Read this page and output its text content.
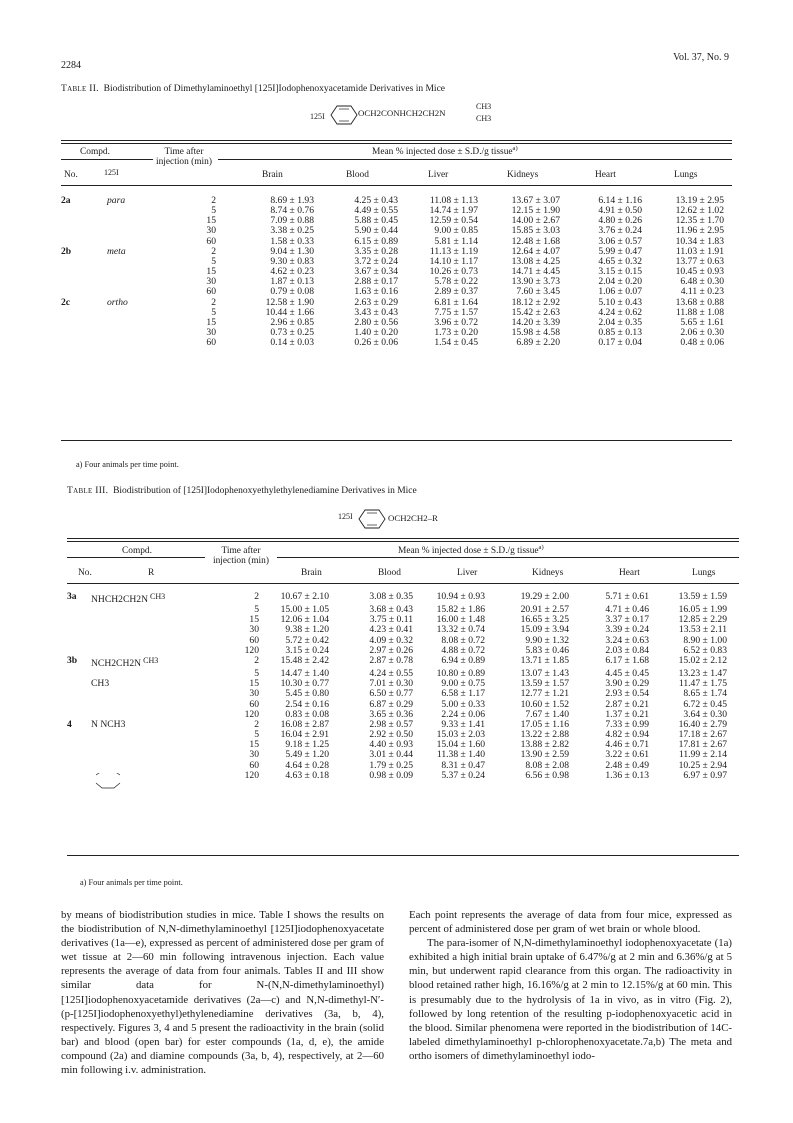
2284
Vol. 37, No. 9
Table II. Biodistribution of Dimethylaminoethyl [125I]Iodophenoxyacetamide Derivatives in Mice
125I	OCH2CONHCH2CH2N
CH3
CH3
Compd.
No.	125I
Time after injection (min)
Mean % injected dose ± S.D./g tissue$^{a)}$
Brain	Blood	Liver	Kidneys	Heart	Lungs
2a	para	2	8.69 ± 1.93	4.25 ± 0.43	11.08 ± 1.13	13.67 ± 3.07	6.14 ± 1.16	13.19 ± 2.95
		5	8.74 ± 0.76	4.49 ± 0.55	14.74 ± 1.97	12.15 ± 1.90	4.91 ± 0.50	12.62 ± 1.02
		15	7.09 ± 0.88	5.88 ± 0.45	12.59 ± 0.54	14.00 ± 2.67	4.80 ± 0.26	12.35 ± 1.70
		30	3.38 ± 0.25	5.90 ± 0.44	9.00 ± 0.85	15.85 ± 3.03	3.76 ± 0.24	11.96 ± 2.95
		60	1.58 ± 0.33	6.15 ± 0.89	5.81 ± 1.14	12.48 ± 1.68	3.06 ± 0.57	10.34 ± 1.83
2b	meta	2	9.04 ± 1.30	3.35 ± 0.28	11.13 ± 1.19	12.64 ± 4.07	5.99 ± 0.47	11.03 ± 1.91
		5	9.30 ± 0.83	3.72 ± 0.24	14.10 ± 1.17	13.08 ± 4.25	4.65 ± 0.32	13.77 ± 0.63
		15	4.62 ± 0.23	3.67 ± 0.34	10.26 ± 0.73	14.71 ± 4.45	3.15 ± 0.15	10.45 ± 0.93
		30	1.87 ± 0.13	2.88 ± 0.17	5.78 ± 0.22	13.90 ± 3.73	2.04 ± 0.20	6.48 ± 0.30
		60	0.79 ± 0.08	1.63 ± 0.16	2.89 ± 0.37	7.60 ± 3.45	1.06 ± 0.07	4.11 ± 0.23
2c	ortho	2	12.58 ± 1.90	2.63 ± 0.29	6.81 ± 1.64	18.12 ± 2.92	5.10 ± 0.43	13.68 ± 0.88
		5	10.44 ± 1.66	3.43 ± 0.43	7.75 ± 1.57	15.42 ± 2.63	4.24 ± 0.62	11.88 ± 1.08
		15	2.96 ± 0.85	2.80 ± 0.56	3.96 ± 0.72	14.20 ± 3.39	2.04 ± 0.35	5.65 ± 1.61
		30	0.73 ± 0.25	1.40 ± 0.20	1.73 ± 0.20	15.98 ± 4.58	0.85 ± 0.13	2.06 ± 0.30
		60	0.14 ± 0.03	0.26 ± 0.06	1.54 ± 0.45	6.89 ± 2.20	0.17 ± 0.04	0.48 ± 0.06
a) Four animals per time point.
Table III. Biodistribution of [125I]Iodophenoxyethylethylenediamine Derivatives in Mice
125I	OCH2CH2–R
Compd.
No.	R
Time after injection (min)
Mean % injected dose ± S.D./g tissue$^{a)}$
Brain	Blood	Liver	Kidneys	Heart	Lungs
3a	NHCH2CH2N $^{CH3}$	2	10.67 ± 2.10	3.08 ± 0.35	10.94 ± 0.93	19.29 ± 2.00	5.71 ± 0.61	13.59 ± 1.59
		5	15.00 ± 1.05	3.68 ± 0.43	15.82 ± 1.86	20.91 ± 2.57	4.71 ± 0.46	16.05 ± 1.99
		15	12.06 ± 1.04	3.75 ± 0.11	16.00 ± 1.48	16.65 ± 3.25	3.37 ± 0.17	12.85 ± 2.29
		30	9.38 ± 1.20	4.23 ± 0.41	13.32 ± 0.74	15.09 ± 3.94	3.39 ± 0.24	13.53 ± 2.11
		60	5.72 ± 0.42	4.09 ± 0.32	8.08 ± 0.72	9.90 ± 1.32	3.24 ± 0.63	8.90 ± 1.00
		120	3.15 ± 0.24	2.97 ± 0.26	4.88 ± 0.72	5.83 ± 0.46	2.03 ± 0.84	6.52 ± 0.83
3b	NCH2CH2N $^{CH3}$	2	15.48 ± 2.42	2.87 ± 0.78	6.94 ± 0.89	13.71 ± 1.85	6.17 ± 1.68	15.02 ± 2.12
		5	14.47 ± 1.40	4.24 ± 0.55	10.80 ± 0.89	13.07 ± 1.43	4.45 ± 0.45	13.23 ± 1.47
	CH3	15	10.30 ± 0.77	7.01 ± 0.30	9.00 ± 0.75	13.59 ± 1.57	3.90 ± 0.29	11.47 ± 1.75
		30	5.45 ± 0.80	6.50 ± 0.77	6.58 ± 1.17	12.77 ± 1.21	2.93 ± 0.54	8.65 ± 1.74
		60	2.54 ± 0.16	6.87 ± 0.29	5.00 ± 0.33	10.60 ± 1.52	2.87 ± 0.21	6.72 ± 0.45
		120	0.83 ± 0.08	3.65 ± 0.36	2.24 ± 0.06	7.67 ± 1.40	1.37 ± 0.21	3.64 ± 0.30
4	N NCH3	2	16.08 ± 2.87	2.98 ± 0.57	9.33 ± 1.41	17.05 ± 1.16	7.33 ± 0.99	16.40 ± 2.79
		5	16.04 ± 2.91	2.92 ± 0.50	15.03 ± 2.03	13.22 ± 2.88	4.82 ± 0.94	17.18 ± 2.67
		15	9.18 ± 1.25	4.40 ± 0.93	15.04 ± 1.60	13.88 ± 2.82	4.46 ± 0.71	17.81 ± 2.67
		30	5.49 ± 1.20	3.01 ± 0.44	11.38 ± 1.40	13.90 ± 2.59	3.22 ± 0.61	11.99 ± 2.14
		60	4.64 ± 0.28	1.79 ± 0.25	8.31 ± 0.47	8.08 ± 2.08	2.48 ± 0.49	10.25 ± 2.94
		120	4.63 ± 0.18	0.98 ± 0.09	5.37 ± 0.24	6.56 ± 0.98	1.36 ± 0.13	6.97 ± 0.97
a) Four animals per time point.

by means of biodistribution studies in mice. Table I shows the results on the biodistribution of N,N-dimethylaminoethyl [125I]iodophenoxyacetate derivatives (1a—e), expressed as percent of administered dose per gram of wet tissue at 2—60 min following intravenous injection. Each value represents the average of data from four animals. Tables II and III show similar data for N-(N,N-dimethylaminoethyl)[125I]iodophenoxyacetamide derivatives (2a—c) and N,N-dimethyl-N′-(p-[125I]iodophenoxyethyl)ethylenediamine derivatives (3a, b, 4), respectively. Figures 3, 4 and 5 present the radioactivity in the brain (solid bar) and blood (open bar) for ester compounds (1a, d, e), the amide compound (2a) and diamine compounds (3a, b, 4), respectively, at 2—60 min following i.v. administration.

Each point represents the average of data from four mice, expressed as percent of administered dose per gram of wet brain or whole blood.

The para-isomer of N,N-dimethylaminoethyl iodophenoxyacetate (1a) exhibited a high initial brain uptake of 6.47%/g at 2 min and 6.36%/g at 5 min, but underwent rapid clearance from this organ. The radioactivity in blood retained rather high, 16.16%/g at 2 min to 12.15%/g at 60 min. This is presumably due to the hydrolysis of 1a in vivo, as in vitro (Fig. 2), followed by long retention of the resulting p-iodophenoxyacetic acid in the blood. Similar phenomena were reported in the biodistribution of 14C-labeled dimethylaminoethyl p-chlorophenoxyacetate.7a,b) The meta and ortho isomers of dimethylaminoethyl iodo-
